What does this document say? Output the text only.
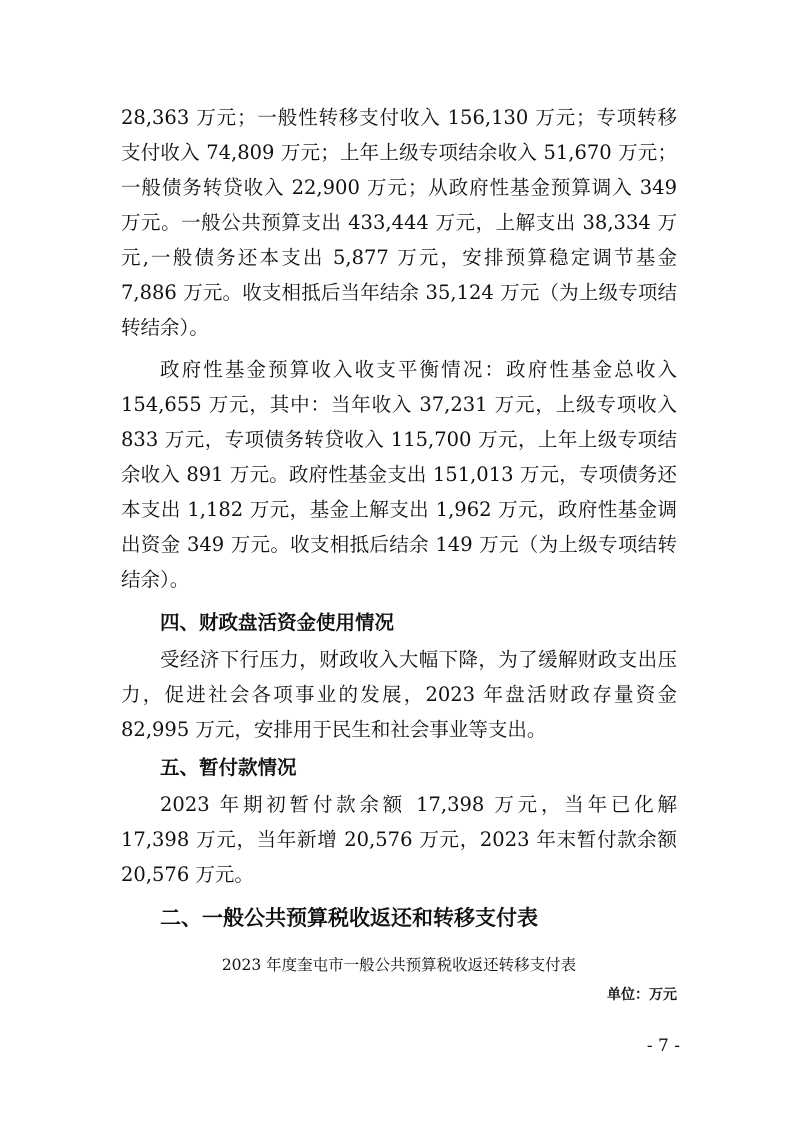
28,363 万元；一般性转移支付收入 156,130 万元；专项转移支付收入 74,809 万元；上年上级专项结余收入 51,670 万元；一般债务转贷收入 22,900 万元；从政府性基金预算调入 349 万元。一般公共预算支出 433,444 万元，上解支出 38,334 万元,一般债务还本支出 5,877 万元，安排预算稳定调节基金 7,886 万元。收支相抵后当年结余 35,124 万元（为上级专项结转结余）。

政府性基金预算收入收支平衡情况：政府性基金总收入 154,655 万元，其中：当年收入 37,231 万元，上级专项收入 833 万元，专项债务转贷收入 115,700 万元，上年上级专项结余收入 891 万元。政府性基金支出 151,013 万元，专项债务还本支出 1,182 万元，基金上解支出 1,962 万元，政府性基金调出资金 349 万元。收支相抵后结余 149 万元（为上级专项结转结余）。

四、财政盘活资金使用情况

受经济下行压力，财政收入大幅下降，为了缓解财政支出压力，促进社会各项事业的发展，2023 年盘活财政存量资金 82,995 万元，安排用于民生和社会事业等支出。

五、暂付款情况

2023 年期初暂付款余额 17,398 万元，当年已化解 17,398 万元，当年新增 20,576 万元，2023 年末暂付款余额 20,576 万元。

二、一般公共预算税收返还和转移支付表

2023 年度奎屯市一般公共预算税收返还转移支付表

单位：万元

- 7 -
